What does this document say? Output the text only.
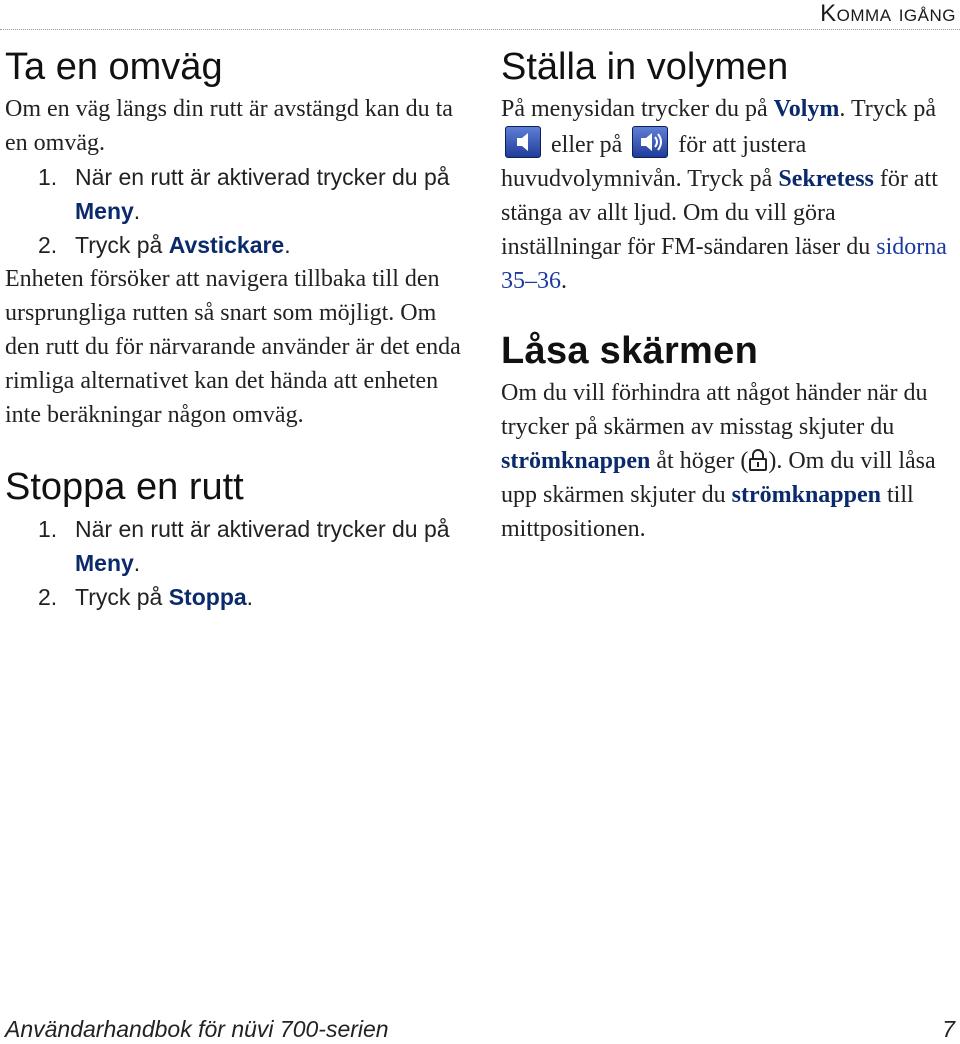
Komma igång
Ta en omväg

Om en väg längs din rutt är avstängd kan du ta en omväg.

1. När en rutt är aktiverad trycker du på Meny.
2. Tryck på Avstickare.

Enheten försöker att navigera tillbaka till den ursprungliga rutten så snart som möjligt. Om den rutt du för närvarande använder är det enda rimliga alternativet kan det hända att enheten inte beräkningar någon omväg.

Stoppa en rutt
1. När en rutt är aktiverad trycker du på Meny.
2. Tryck på Stoppa.
Ställa in volymen

På menysidan trycker du på Volym. Tryck på
eller på
för att justera huvudvolymnivån. Tryck på Sekretess för att stänga av allt ljud. Om du vill göra inställningar för FM-sändaren läser du sidorna 35–36.

Låsa skärmen

Om du vill förhindra att något händer när du trycker på skärmen av misstag skjuter du strömknappen åt höger ( ). Om du vill låsa upp skärmen skjuter du strömknappen till mittpositionen.

Användarhandbok för nüvi 700-serien	7
